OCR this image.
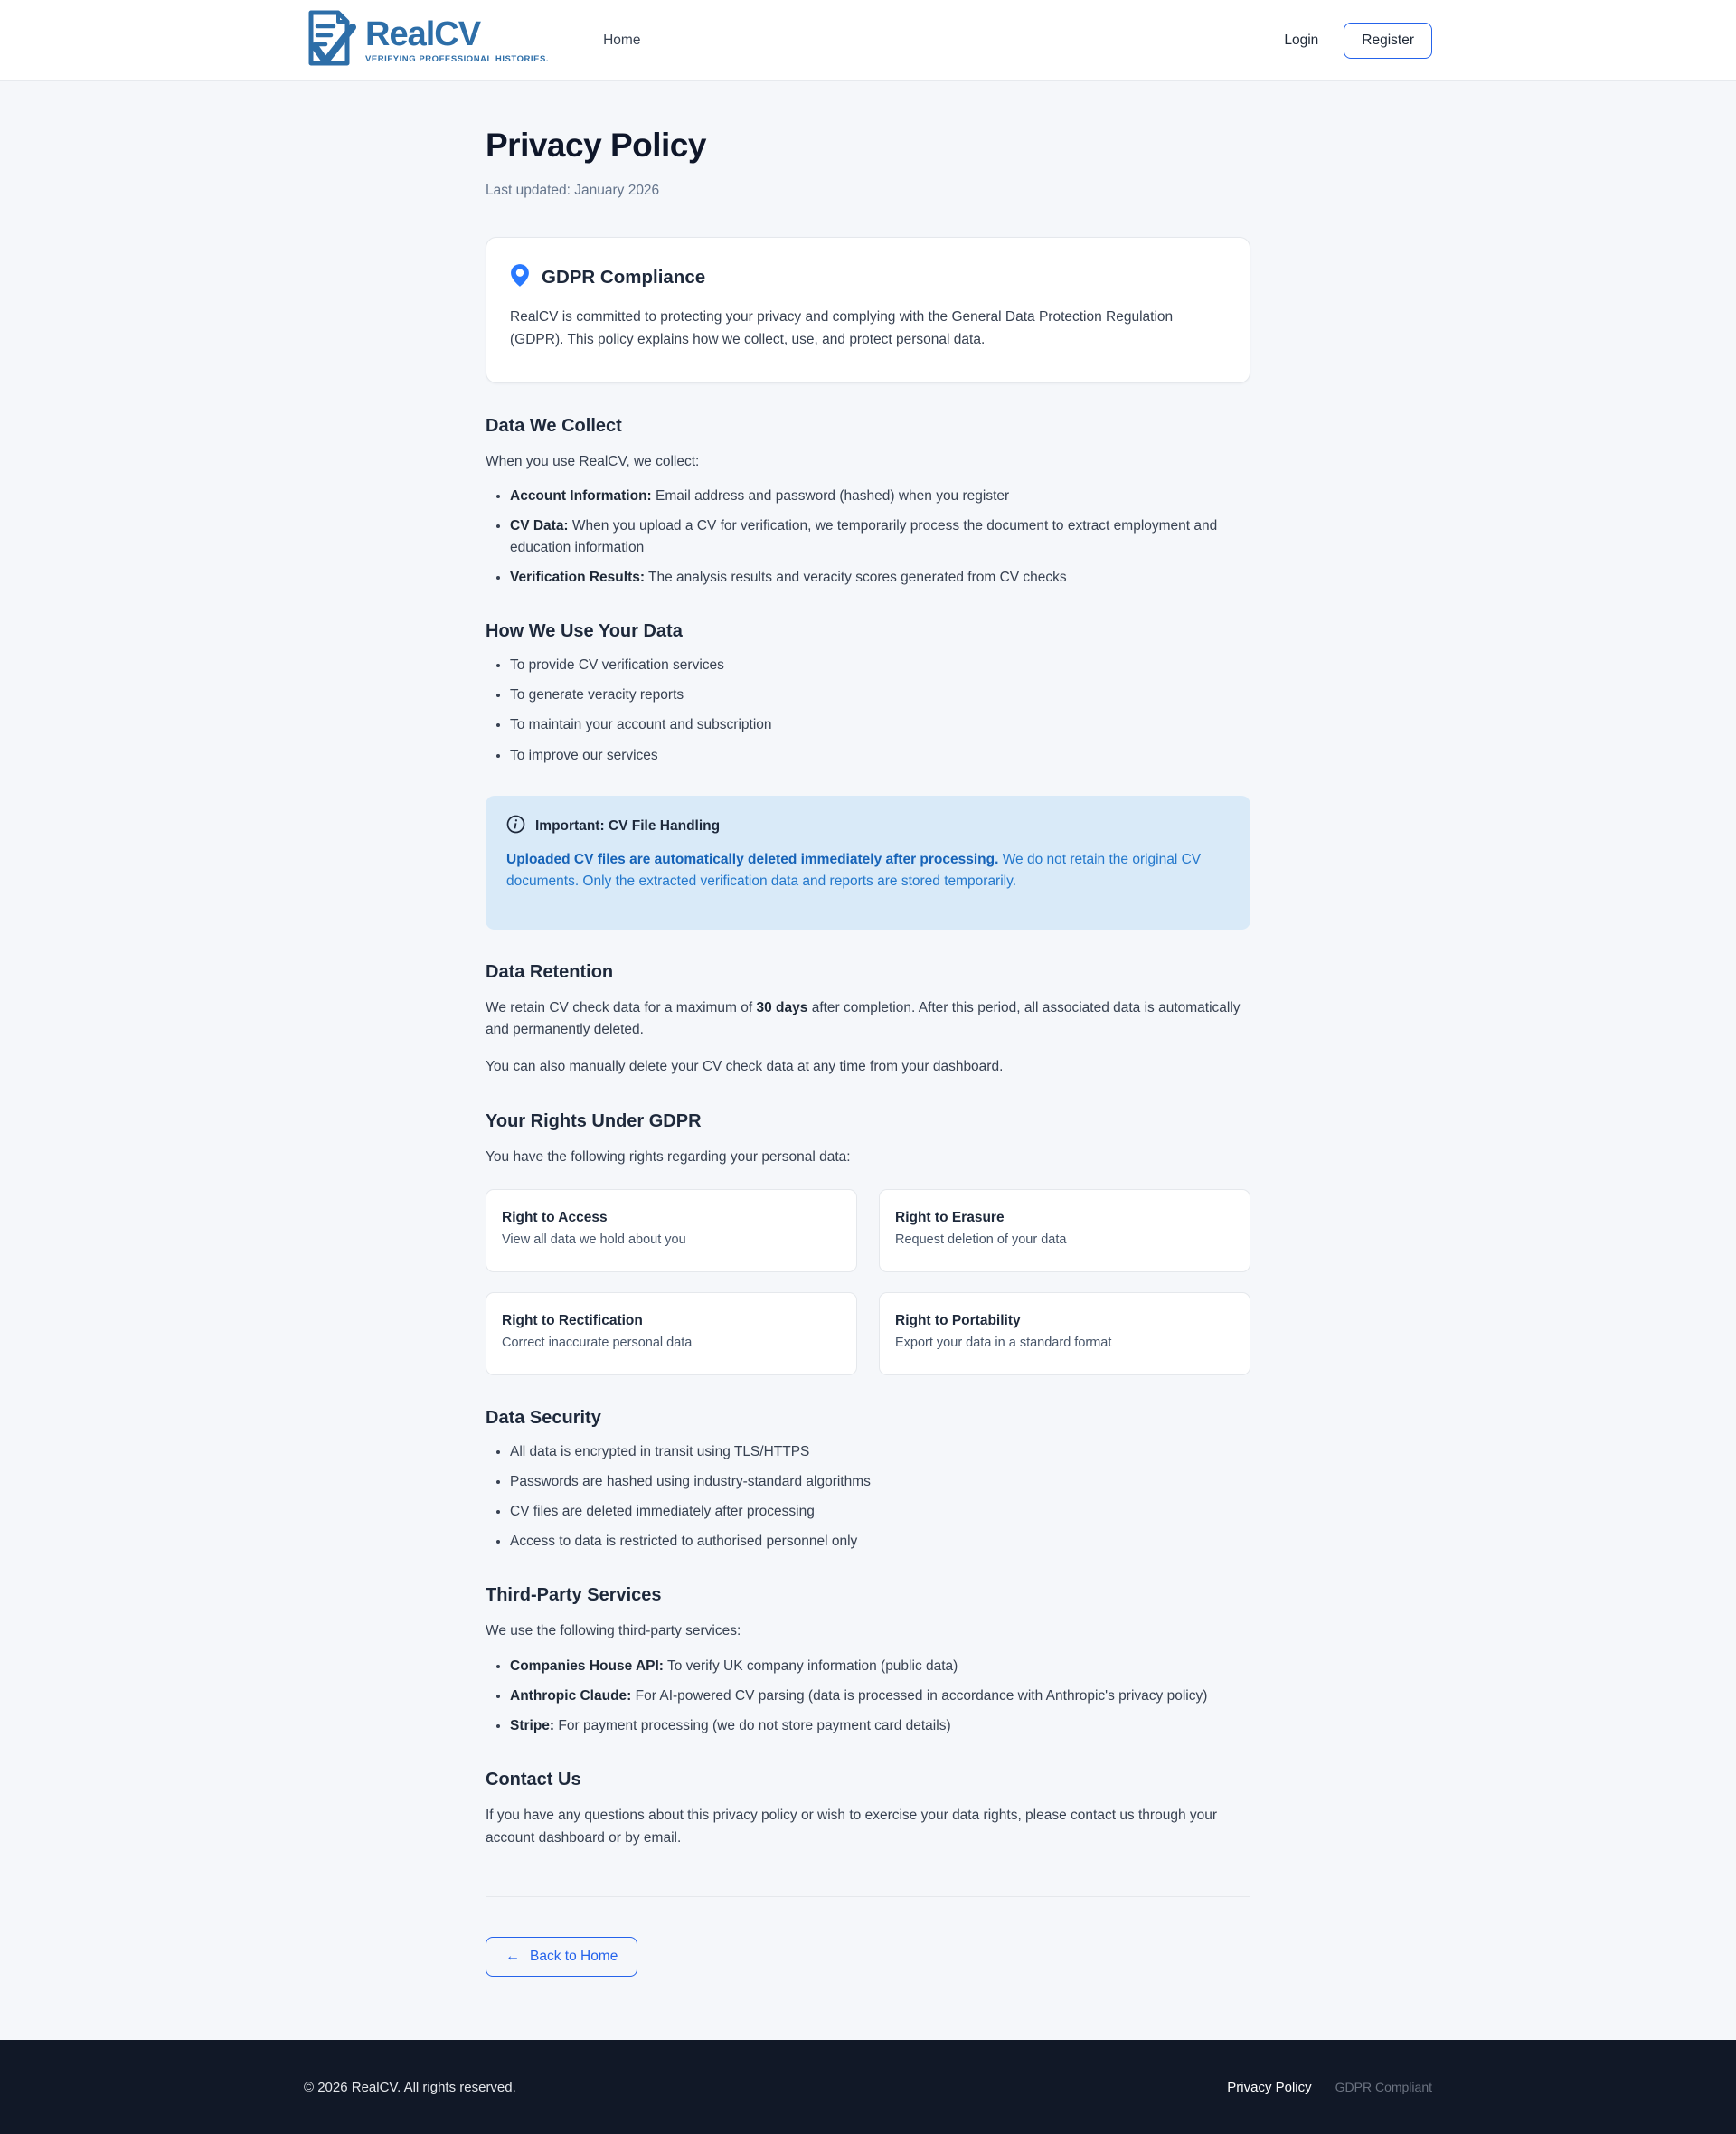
RealCV
VERIFYING PROFESSIONAL HISTORIES.
Home	Login	Register
Privacy Policy
Last updated: January 2026
GDPR Compliance

RealCV is committed to protecting your privacy and complying with the General Data Protection Regulation (GDPR). This policy explains how we collect, use, and protect personal data.

Data We Collect

When you use RealCV, we collect:

• Account Information: Email address and password (hashed) when you register
• CV Data: When you upload a CV for verification, we temporarily process the document to extract employment and education information
• Verification Results: The analysis results and veracity scores generated from CV checks
How We Use Your Data
• To provide CV verification services
• To generate veracity reports
• To maintain your account and subscription
• To improve our services
Important: CV File Handling

Uploaded CV files are automatically deleted immediately after processing. We do not retain the original CV documents. Only the extracted verification data and reports are stored temporarily.

Data Retention

We retain CV check data for a maximum of 30 days after completion. After this period, all associated data is automatically and permanently deleted.

You can also manually delete your CV check data at any time from your dashboard.

Your Rights Under GDPR

You have the following rights regarding your personal data:

Right to Access
View all data we hold about you
Right to Erasure
Request deletion of your data
Right to Rectification
Correct inaccurate personal data
Right to Portability
Export your data in a standard format
Data Security
• All data is encrypted in transit using TLS/HTTPS
• Passwords are hashed using industry-standard algorithms
• CV files are deleted immediately after processing
• Access to data is restricted to authorised personnel only
Third-Party Services

We use the following third-party services:

• Companies House API: To verify UK company information (public data)
• Anthropic Claude: For AI-powered CV parsing (data is processed in accordance with Anthropic's privacy policy)
• Stripe: For payment processing (we do not store payment card details)
Contact Us

If you have any questions about this privacy policy or wish to exercise your data rights, please contact us through your account dashboard or by email.

← Back to Home
© 2026 RealCV. All rights reserved.	Privacy Policy GDPR Compliant
